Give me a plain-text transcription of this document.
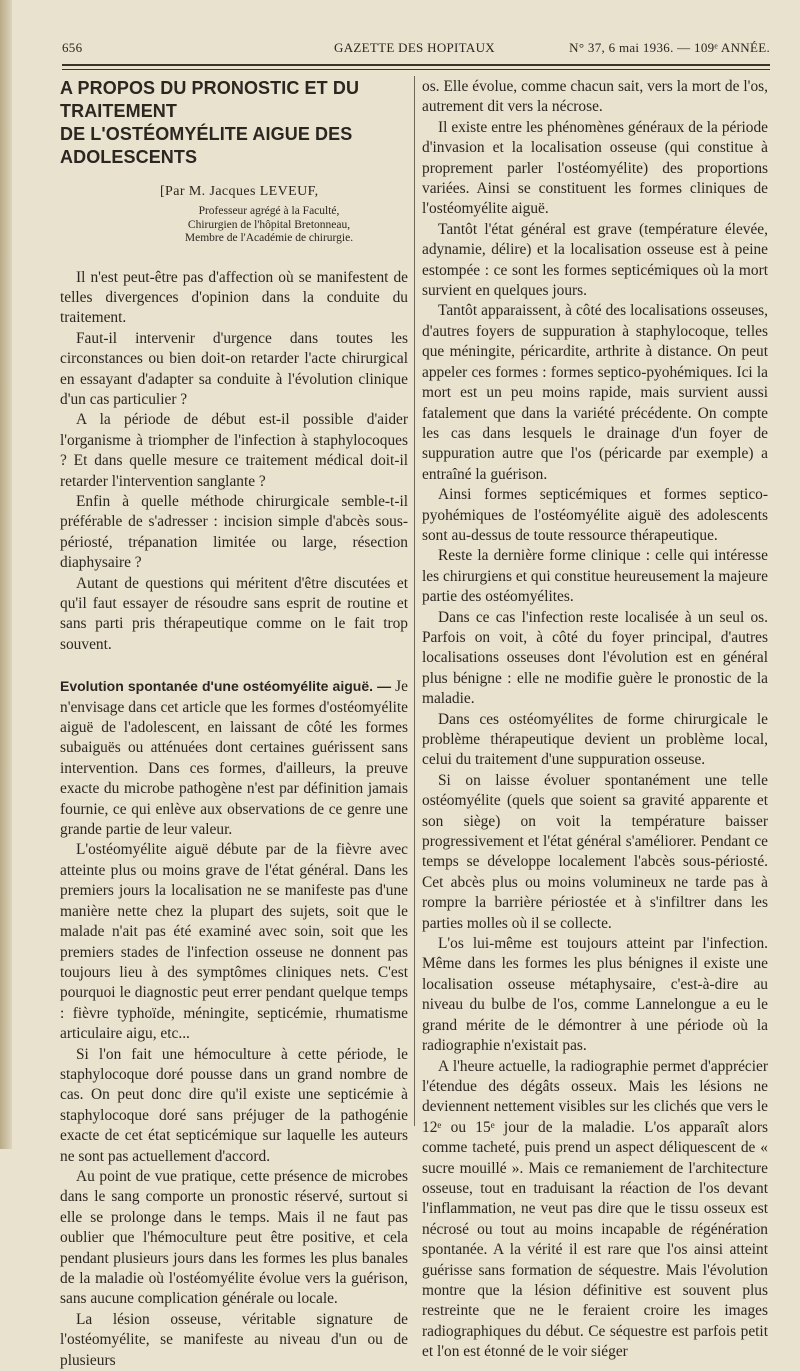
656	GAZETTE DES HOPITAUX	N° 37, 6 mai 1936. — 109ᵉ ANNÉE.
A PROPOS DU PRONOSTIC ET DU TRAITEMENT
DE L'OSTÉOMYÉLITE AIGUE DES ADOLESCENTS
[Par M. Jacques LEVEUF,
Professeur agrégé à la Faculté,
Chirurgien de l'hôpital Bretonneau,
Membre de l'Académie de chirurgie.

Il n'est peut-être pas d'affection où se manifestent de telles divergences d'opinion dans la conduite du traitement.

Faut-il intervenir d'urgence dans toutes les circonstances ou bien doit-on retarder l'acte chirurgical en essayant d'adapter sa conduite à l'évolution clinique d'un cas particulier ?

A la période de début est-il possible d'aider l'organisme à triompher de l'infection à staphylocoques ? Et dans quelle mesure ce traitement médical doit-il retarder l'intervention sanglante ?

Enfin à quelle méthode chirurgicale semble-t-il préférable de s'adresser : incision simple d'abcès sous-périosté, trépanation limitée ou large, résection diaphysaire ?

Autant de questions qui méritent d'être discutées et qu'il faut essayer de résoudre sans esprit de routine et sans parti pris thérapeutique comme on le fait trop souvent.

Evolution spontanée d'une ostéomyélite aiguë. — Je n'envisage dans cet article que les formes d'ostéomyélite aiguë de l'adolescent, en laissant de côté les formes subaiguës ou atténuées dont certaines guérissent sans intervention. Dans ces formes, d'ailleurs, la preuve exacte du microbe pathogène n'est par définition jamais fournie, ce qui enlève aux observations de ce genre une grande partie de leur valeur.

L'ostéomyélite aiguë débute par de la fièvre avec atteinte plus ou moins grave de l'état général. Dans les premiers jours la localisation ne se manifeste pas d'une manière nette chez la plupart des sujets, soit que le malade n'ait pas été examiné avec soin, soit que les premiers stades de l'infection osseuse ne donnent pas toujours lieu à des symptômes cliniques nets. C'est pourquoi le diagnostic peut errer pendant quelque temps : fièvre typhoïde, méningite, septicémie, rhumatisme articulaire aigu, etc...

Si l'on fait une hémoculture à cette période, le staphylocoque doré pousse dans un grand nombre de cas. On peut donc dire qu'il existe une septicémie à staphylocoque doré sans préjuger de la pathogénie exacte de cet état septicémique sur laquelle les auteurs ne sont pas actuellement d'accord.

Au point de vue pratique, cette présence de microbes dans le sang comporte un pronostic réservé, surtout si elle se prolonge dans le temps. Mais il ne faut pas oublier que l'hémoculture peut être positive, et cela pendant plusieurs jours dans les formes les plus banales de la maladie où l'ostéomyélite évolue vers la guérison, sans aucune complication générale ou locale.

La lésion osseuse, véritable signature de l'ostéomyélite, se manifeste au niveau d'un ou de plusieurs

os. Elle évolue, comme chacun sait, vers la mort de l'os, autrement dit vers la nécrose.

Il existe entre les phénomènes généraux de la période d'invasion et la localisation osseuse (qui constitue à proprement parler l'ostéomyélite) des proportions variées. Ainsi se constituent les formes cliniques de l'ostéomyélite aiguë.

Tantôt l'état général est grave (température élevée, adynamie, délire) et la localisation osseuse est à peine estompée : ce sont les formes septicémiques où la mort survient en quelques jours.

Tantôt apparaissent, à côté des localisations osseuses, d'autres foyers de suppuration à staphylocoque, telles que méningite, péricardite, arthrite à distance. On peut appeler ces formes : formes septico-pyohémiques. Ici la mort est un peu moins rapide, mais survient aussi fatalement que dans la variété précédente. On compte les cas dans lesquels le drainage d'un foyer de suppuration autre que l'os (péricarde par exemple) a entraîné la guérison.

Ainsi formes septicémiques et formes septico-pyohémiques de l'ostéomyélite aiguë des adolescents sont au-dessus de toute ressource thérapeutique.

Reste la dernière forme clinique : celle qui intéresse les chirurgiens et qui constitue heureusement la majeure partie des ostéomyélites.

Dans ce cas l'infection reste localisée à un seul os. Parfois on voit, à côté du foyer principal, d'autres localisations osseuses dont l'évolution est en général plus bénigne : elle ne modifie guère le pronostic de la maladie.

Dans ces ostéomyélites de forme chirurgicale le problème thérapeutique devient un problème local, celui du traitement d'une suppuration osseuse.

Si on laisse évoluer spontanément une telle ostéomyélite (quels que soient sa gravité apparente et son siège) on voit la température baisser progressivement et l'état général s'améliorer. Pendant ce temps se développe localement l'abcès sous-périosté. Cet abcès plus ou moins volumineux ne tarde pas à rompre la barrière périostée et à s'infiltrer dans les parties molles où il se collecte.

L'os lui-même est toujours atteint par l'infection. Même dans les formes les plus bénignes il existe une localisation osseuse métaphysaire, c'est-à-dire au niveau du bulbe de l'os, comme Lannelongue a eu le grand mérite de le démontrer à une période où la radiographie n'existait pas.

A l'heure actuelle, la radiographie permet d'apprécier l'étendue des dégâts osseux. Mais les lésions ne deviennent nettement visibles sur les clichés que vers le 12ᵉ ou 15ᵉ jour de la maladie. L'os apparaît alors comme tacheté, puis prend un aspect déliquescent de « sucre mouillé ». Mais ce remaniement de l'architecture osseuse, tout en traduisant la réaction de l'os devant l'inflammation, ne veut pas dire que le tissu osseux est nécrosé ou tout au moins incapable de régénération spontanée. A la vérité il est rare que l'os ainsi atteint guérisse sans formation de séquestre. Mais l'évolution montre que la lésion définitive est souvent plus restreinte que ne le feraient croire les images radiographiques du début. Ce séquestre est parfois petit et l'on est étonné de le voir siéger
